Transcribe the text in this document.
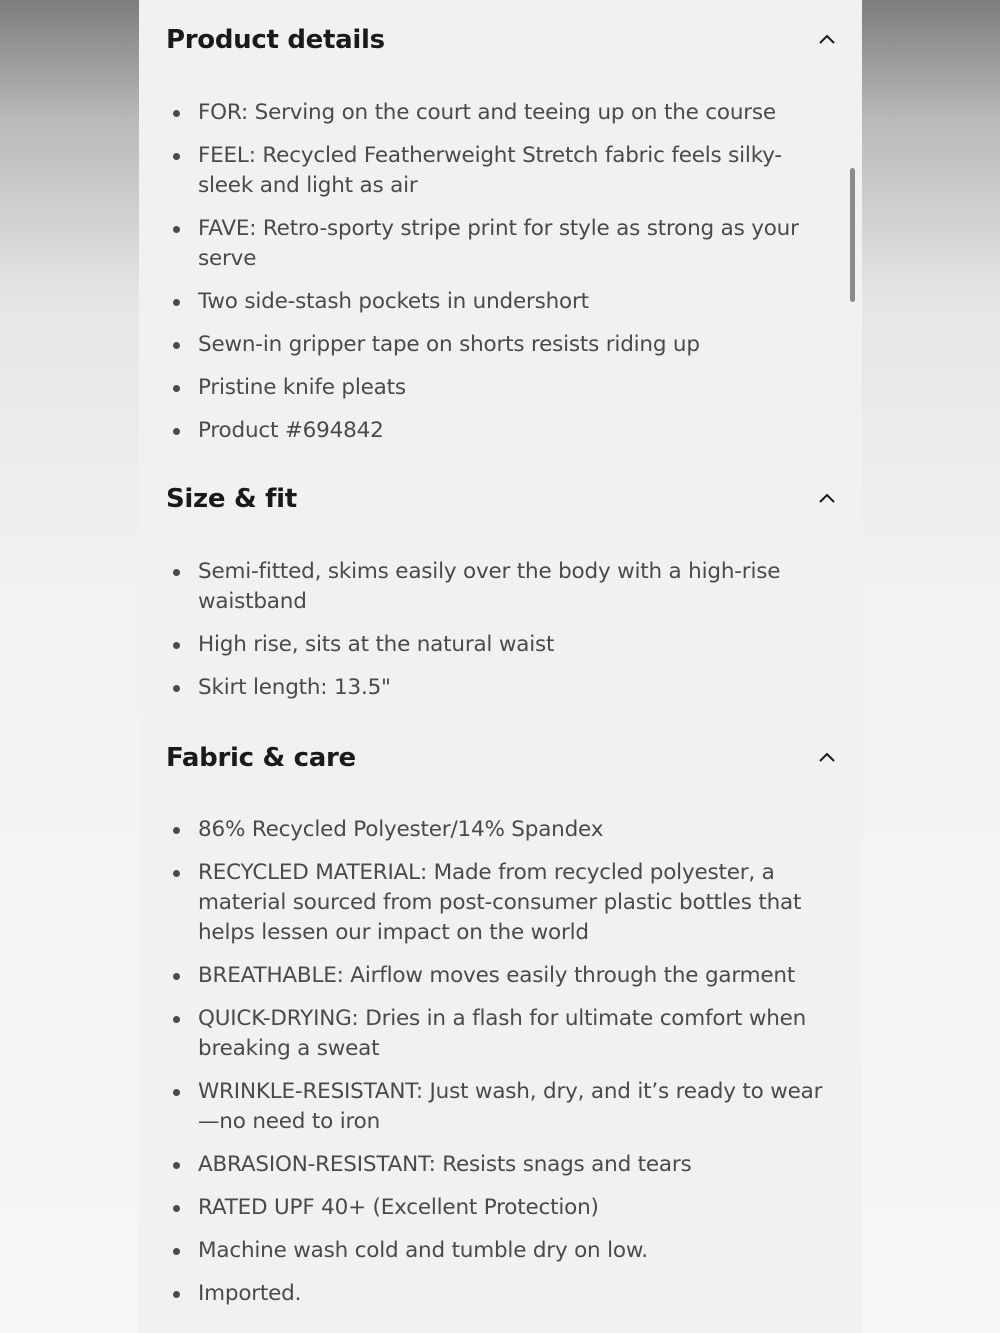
Product details
FOR: Serving on the court and teeing up on the course
FEEL: Recycled Featherweight Stretch fabric feels silky-sleek and light as air
FAVE: Retro-sporty stripe print for style as strong as your serve
Two side-stash pockets in undershort
Sewn-in gripper tape on shorts resists riding up
Pristine knife pleats
Product #694842
Size & fit
Semi-fitted, skims easily over the body with a high-rise waistband
High rise, sits at the natural waist
Skirt length: 13.5"
Fabric & care
86% Recycled Polyester/14% Spandex
RECYCLED MATERIAL: Made from recycled polyester, a material sourced from post-consumer plastic bottles that helps lessen our impact on the world
BREATHABLE: Airflow moves easily through the garment
QUICK-DRYING: Dries in a flash for ultimate comfort when breaking a sweat
WRINKLE-RESISTANT: Just wash, dry, and it’s ready to wear—no need to iron
ABRASION-RESISTANT: Resists snags and tears
RATED UPF 40+ (Excellent Protection)
Machine wash cold and tumble dry on low.
Imported.
